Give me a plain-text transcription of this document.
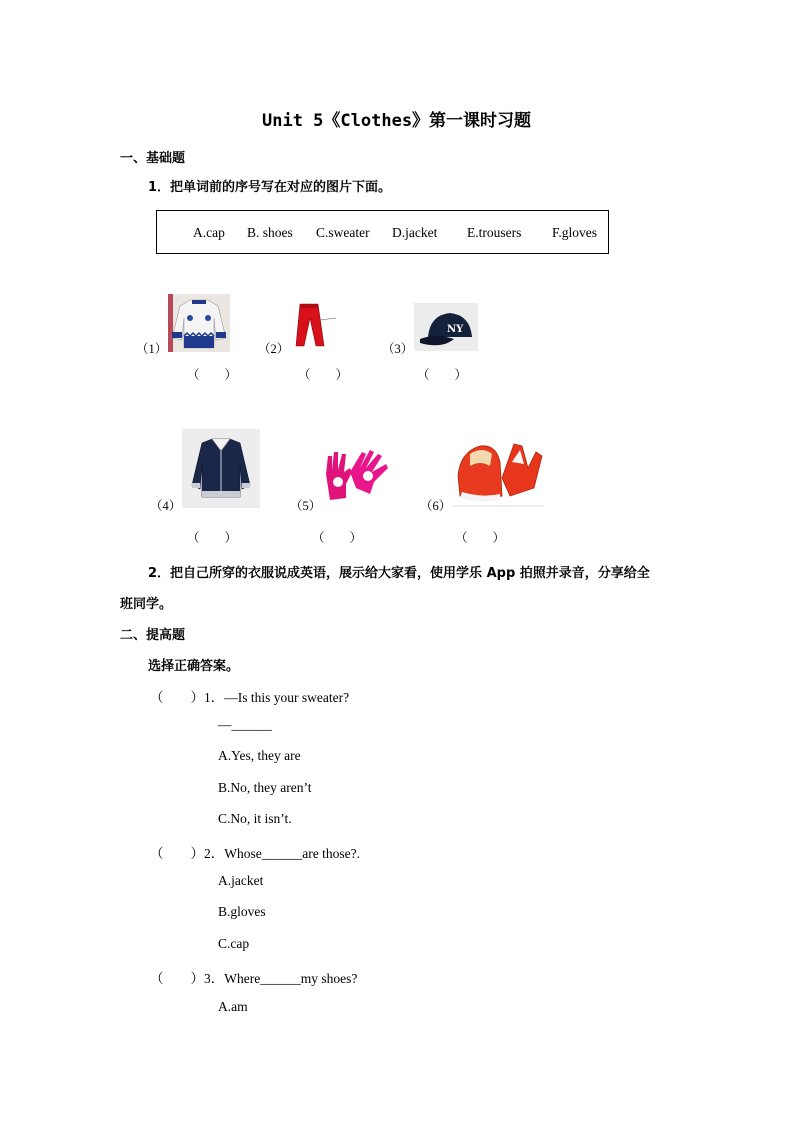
Unit 5《Clothes》第一课时习题
一、基础题
1．把单词前的序号写在对应的图片下面。
A.cap B. shoes C.sweater D.jacket E.trousers F.gloves
（1）
（　　）
（2）
（　　）
（3）
NY
（　　）
（4）
（　　）
（5）
（　　）
（6）
（　　）
2．把自己所穿的衣服说成英语，展示给大家看，使用学乐 App 拍照并录音，分享给全
班同学。
二、提高题
选择正确答案。
（　　）1．—Is this your sweater?
—______
A.Yes, they are
B.No, they aren’t
C.No, it isn’t.
（　　）2．Whose______are those?.
A.jacket
B.gloves
C.cap
（　　）3．Where______my shoes?
A.am
